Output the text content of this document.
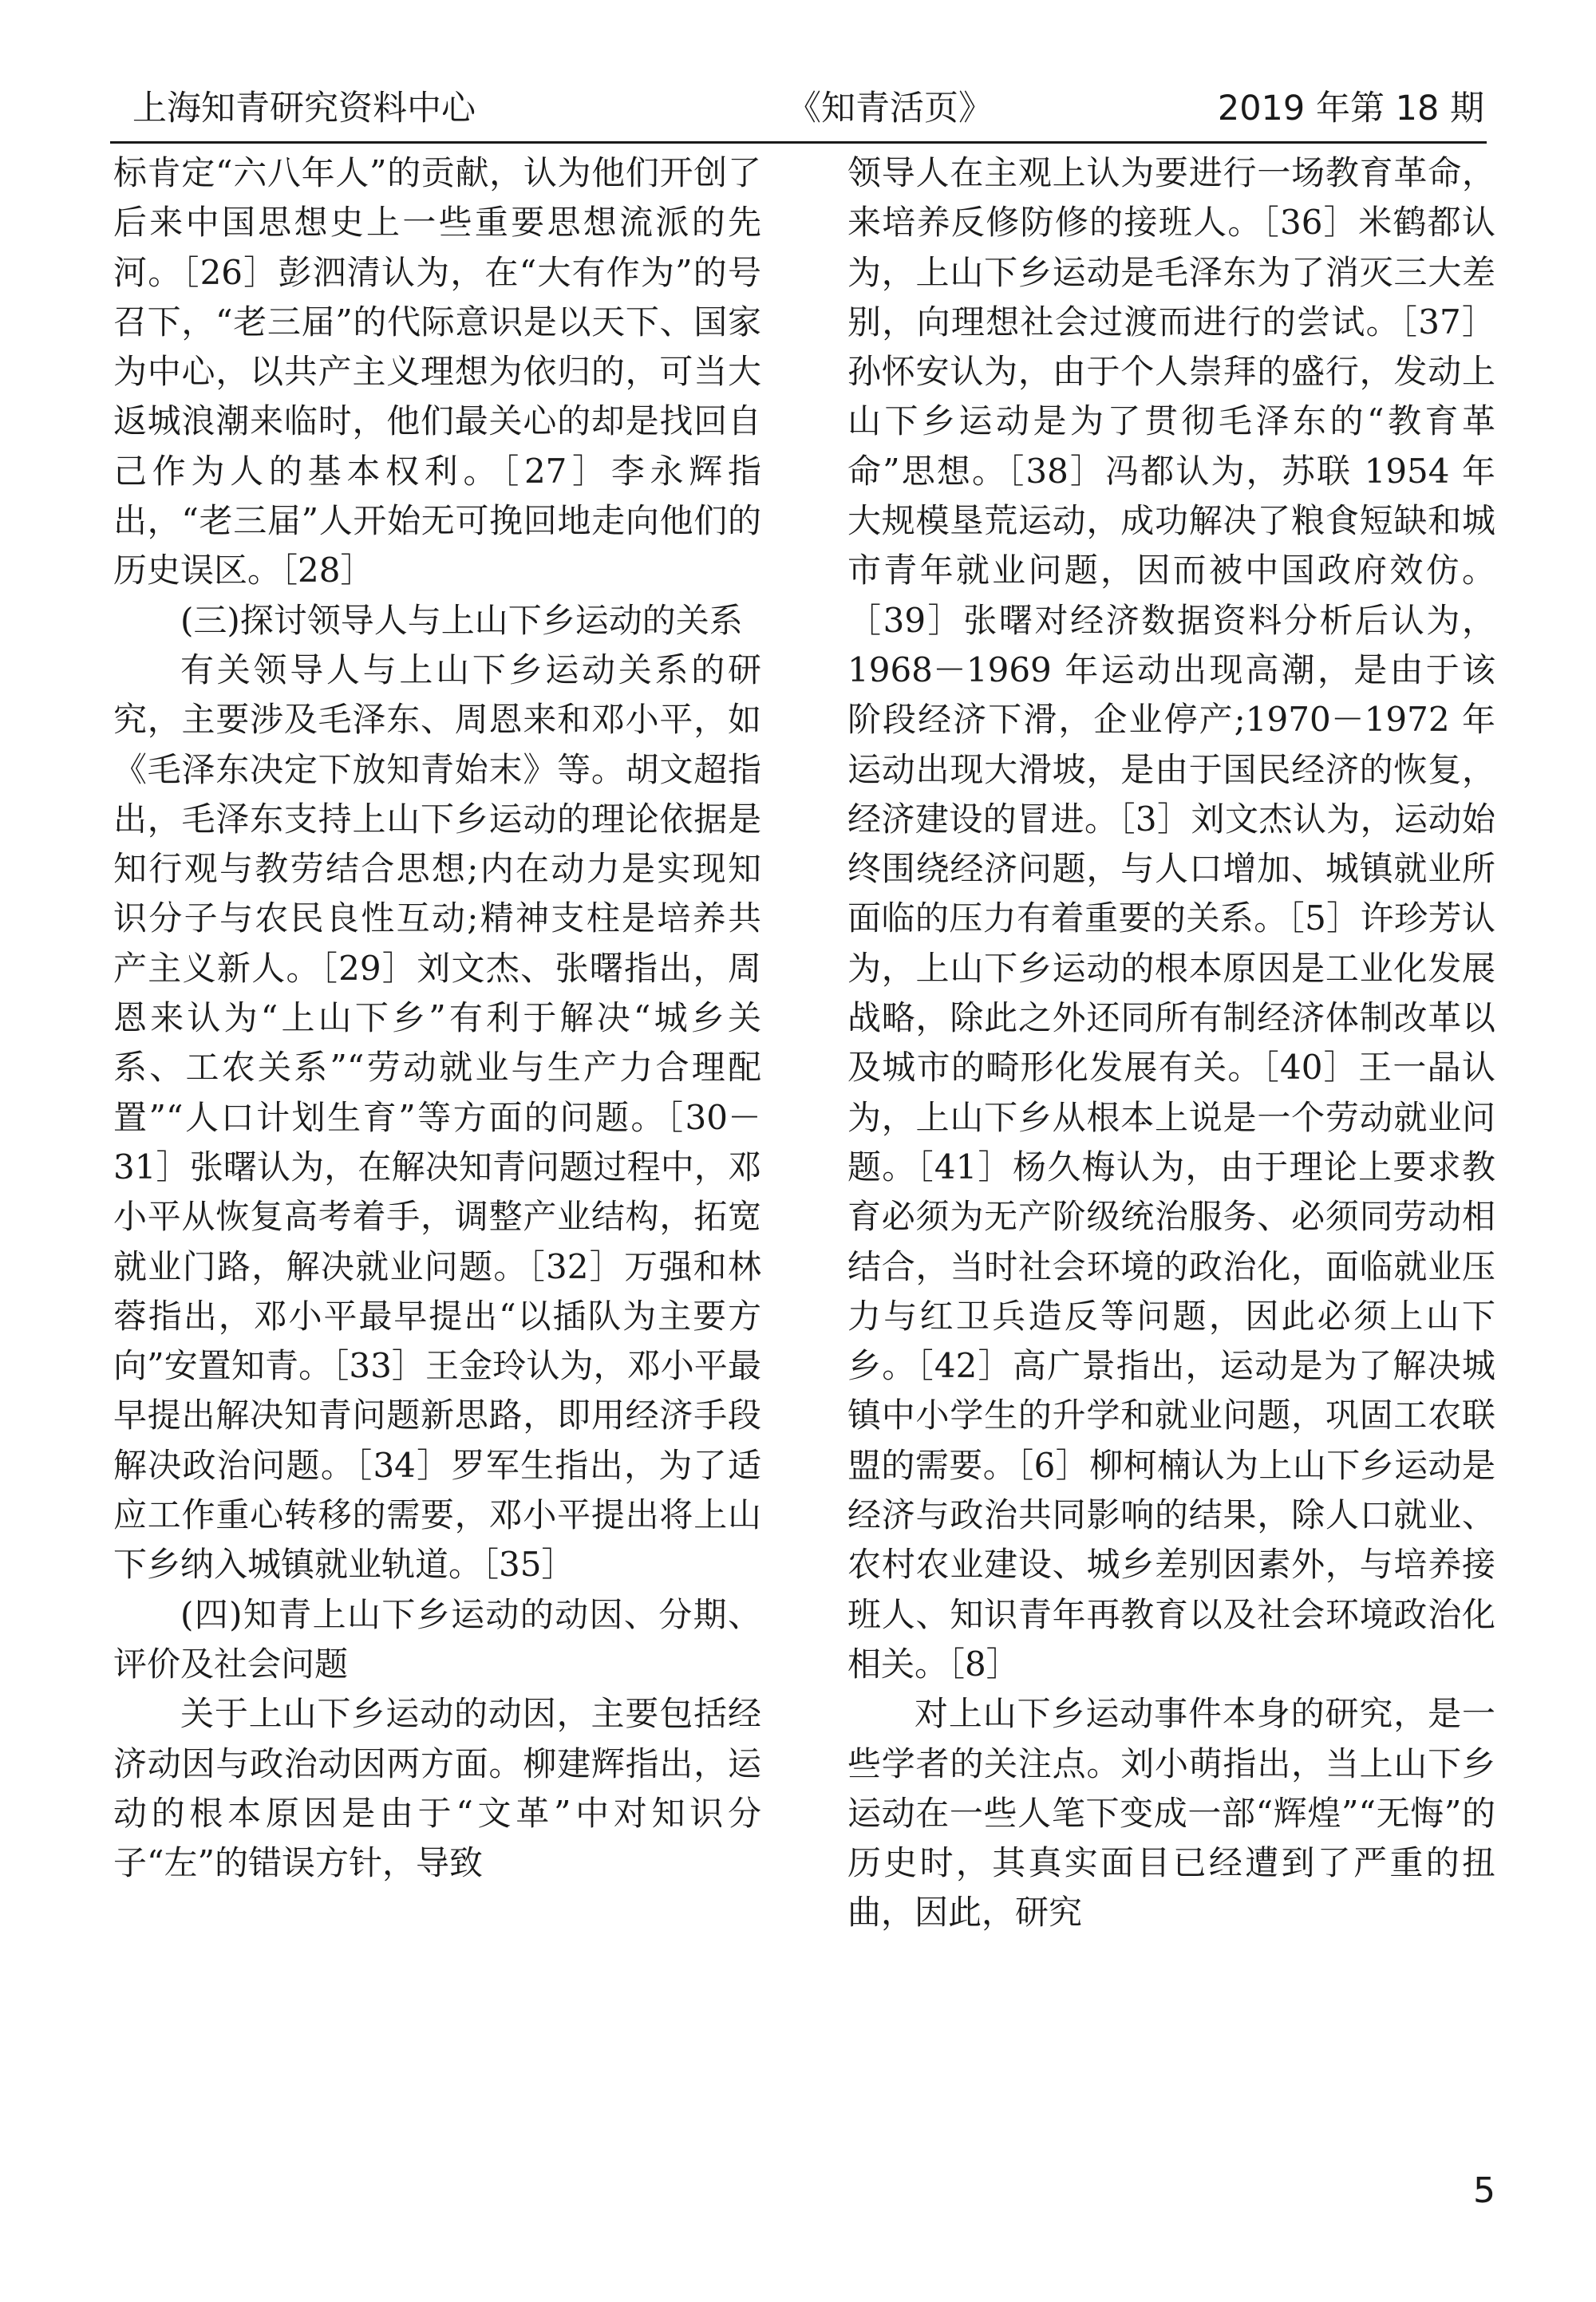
上海知青研究资料中心	《知青活页》	2019 年第 18 期

标肯定“六八年人”的贡献，认为他们开创了后来中国思想史上一些重要思想流派的先河。［26］彭泗清认为，在“大有作为”的号召下，“老三届”的代际意识是以天下、国家为中心，以共产主义理想为依归的，可当大返城浪潮来临时，他们最关心的却是找回自己作为人的基本权利。［27］李永辉指出，“老三届”人开始无可挽回地走向他们的历史误区。［28］

(三)探讨领导人与上山下乡运动的关系

有关领导人与上山下乡运动关系的研究，主要涉及毛泽东、周恩来和邓小平，如《毛泽东决定下放知青始末》等。胡文超指出，毛泽东支持上山下乡运动的理论依据是知行观与教劳结合思想;内在动力是实现知识分子与农民良性互动;精神支柱是培养共产主义新人。［29］刘文杰、张曙指出，周恩来认为“上山下乡”有利于解决“城乡关系、工农关系”“劳动就业与生产力合理配置”“人口计划生育”等方面的问题。［30－31］张曙认为，在解决知青问题过程中，邓小平从恢复高考着手，调整产业结构，拓宽就业门路，解决就业问题。［32］万强和林蓉指出，邓小平最早提出“以插队为主要方向”安置知青。［33］王金玲认为，邓小平最早提出解决知青问题新思路，即用经济手段解决政治问题。［34］罗军生指出，为了适应工作重心转移的需要，邓小平提出将上山下乡纳入城镇就业轨道。［35］

(四)知青上山下乡运动的动因、分期、评价及社会问题

关于上山下乡运动的动因，主要包括经济动因与政治动因两方面。柳建辉指出，运动的根本原因是由于“文革”中对知识分子“左”的错误方针，导致

领导人在主观上认为要进行一场教育革命，来培养反修防修的接班人。［36］米鹤都认为，上山下乡运动是毛泽东为了消灭三大差别，向理想社会过渡而进行的尝试。［37］孙怀安认为，由于个人崇拜的盛行，发动上山下乡运动是为了贯彻毛泽东的“教育革命”思想。［38］冯都认为，苏联 1954 年大规模垦荒运动，成功解决了粮食短缺和城市青年就业问题，因而被中国政府效仿。［39］张曙对经济数据资料分析后认为，1968－1969 年运动出现高潮，是由于该阶段经济下滑，企业停产;1970－1972 年运动出现大滑坡，是由于国民经济的恢复，经济建设的冒进。［3］刘文杰认为，运动始终围绕经济问题，与人口增加、城镇就业所面临的压力有着重要的关系。［5］许珍芳认为，上山下乡运动的根本原因是工业化发展战略，除此之外还同所有制经济体制改革以及城市的畸形化发展有关。［40］王一晶认为，上山下乡从根本上说是一个劳动就业问题。［41］杨久梅认为，由于理论上要求教育必须为无产阶级统治服务、必须同劳动相结合，当时社会环境的政治化，面临就业压力与红卫兵造反等问题，因此必须上山下乡。［42］高广景指出，运动是为了解决城镇中小学生的升学和就业问题，巩固工农联盟的需要。［6］柳柯楠认为上山下乡运动是经济与政治共同影响的结果，除人口就业、农村农业建设、城乡差别因素外，与培养接班人、知识青年再教育以及社会环境政治化相关。［8］

对上山下乡运动事件本身的研究，是一些学者的关注点。刘小萌指出，当上山下乡运动在一些人笔下变成一部“辉煌”“无悔”的历史时，其真实面目已经遭到了严重的扭曲，因此，研究

5
